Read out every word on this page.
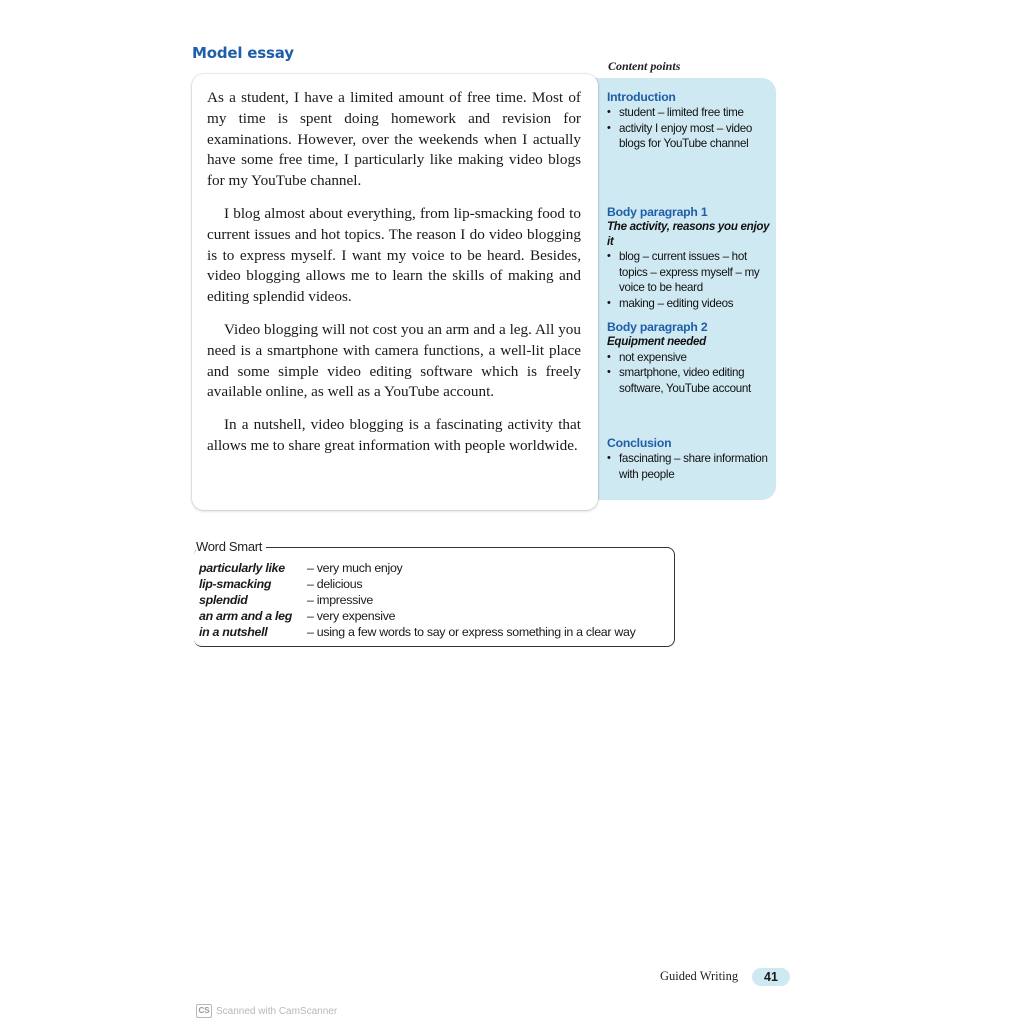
Model essay
Content points

As a student, I have a limited amount of free time. Most of my time is spent doing homework and revision for examinations. However, over the weekends when I actually have some free time, I particularly like making video blogs for my YouTube channel.

I blog almost about everything, from lip-smacking food to current issues and hot topics. The reason I do video blogging is to express myself. I want my voice to be heard. Besides, video blogging allows me to learn the skills of making and editing splendid videos.

Video blogging will not cost you an arm and a leg. All you need is a smartphone with camera functions, a well-lit place and some simple video editing software which is freely available online, as well as a YouTube account.

In a nutshell, video blogging is a fascinating activity that allows me to share great information with people worldwide.

Introduction
• student – limited free time
• activity I enjoy most – video blogs for YouTube channel
Body paragraph 1
The activity, reasons you enjoy it
• blog – current issues – hot topics – express myself – my voice to be heard
• making – editing videos
Body paragraph 2
Equipment needed
• not expensive
• smartphone, video editing software, YouTube account
Conclusion
• fascinating – share information with people
Word Smart
particularly like	– very much enjoy
lip-smacking	– delicious
splendid	– impressive
an arm and a leg	– very expensive
in a nutshell	– using a few words to say or express something in a clear way
Guided Writing	41
CS Scanned with CamScanner
